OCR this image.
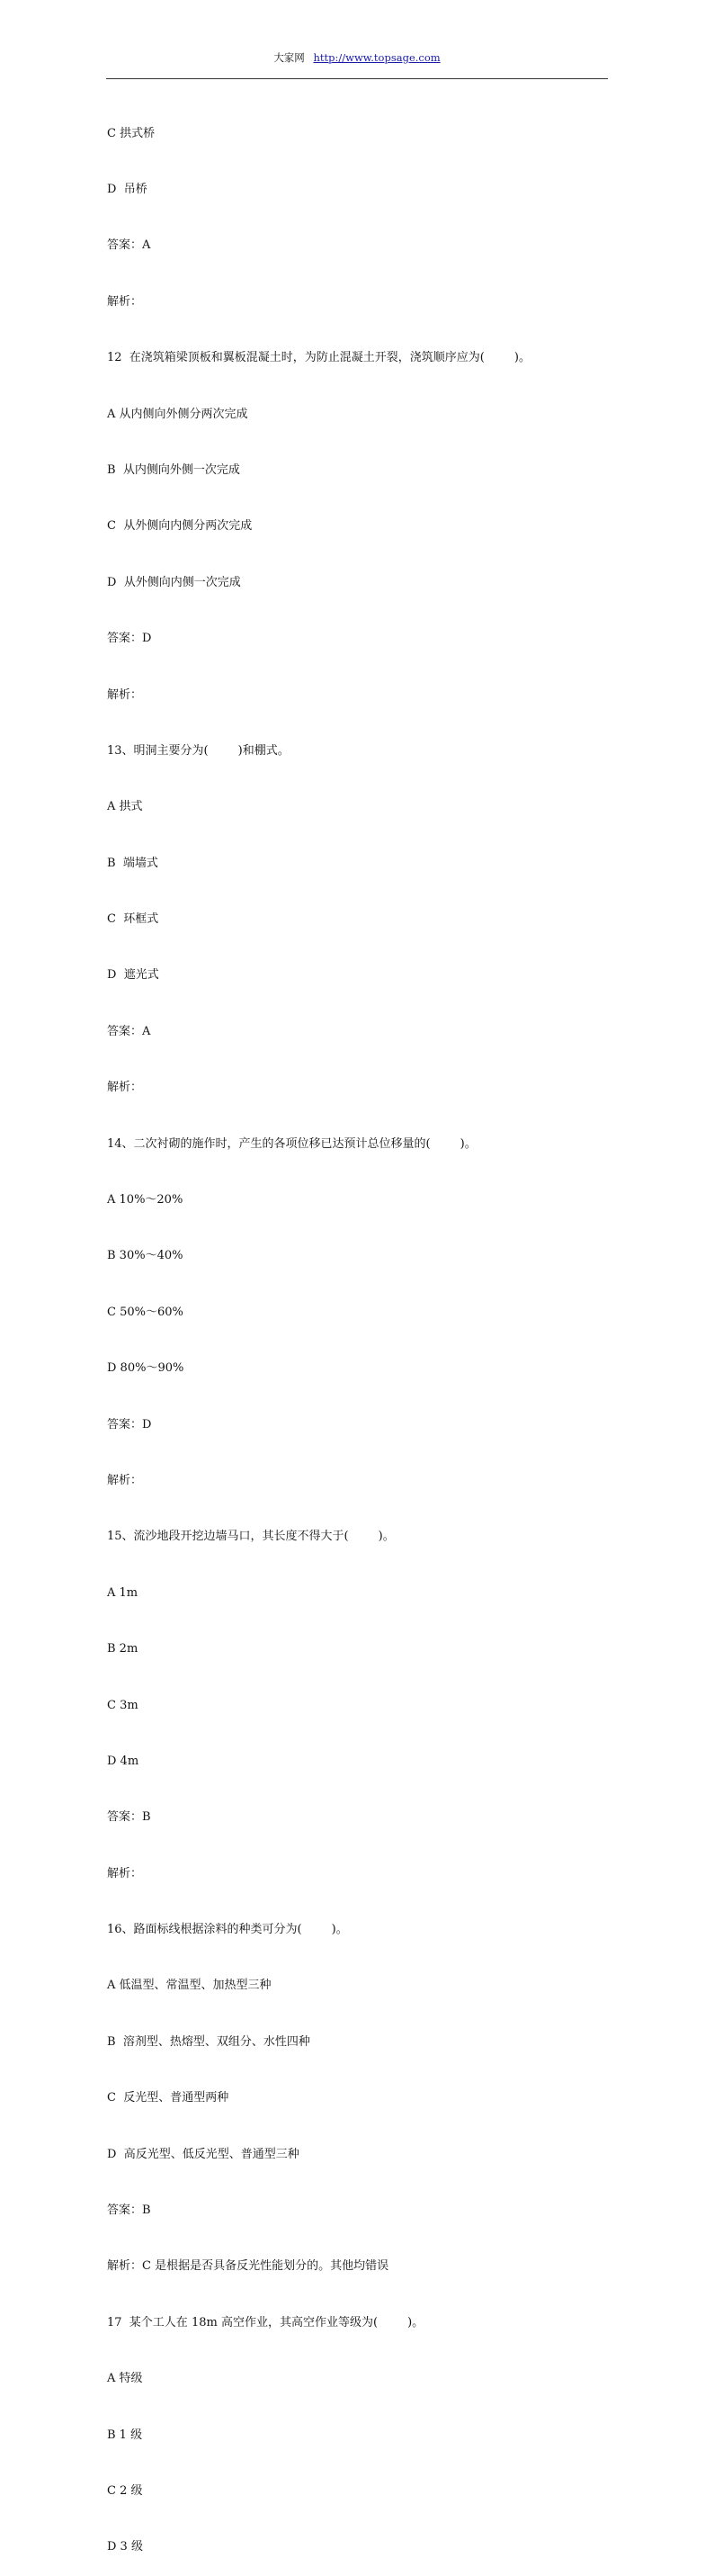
大家网 http://www.topsage.com

C 拱式桥

D  吊桥

答案：A

解析：

12  在浇筑箱梁顶板和翼板混凝土时，为防止混凝土开裂，浇筑顺序应为(        )。

A 从内侧向外侧分两次完成

B  从内侧向外侧一次完成

C  从外侧向内侧分两次完成

D  从外侧向内侧一次完成

答案：D

解析：

13、明洞主要分为(        )和棚式。

A 拱式

B  端墙式

C  环框式

D  遮光式

答案：A

解析：

14、二次衬砌的施作时，产生的各项位移已达预计总位移量的(        )。

A 10%～20%

B 30%～40%

C 50%～60%

D 80%～90%

答案：D

解析：

15、流沙地段开挖边墙马口，其长度不得大于(        )。

A 1m

B 2m

C 3m

D 4m

答案：B

解析：

16、路面标线根据涂料的种类可分为(        )。

A 低温型、常温型、加热型三种

B  溶剂型、热熔型、双组分、水性四种

C  反光型、普通型两种

D  高反光型、低反光型、普通型三种

答案：B

解析：C 是根据是否具备反光性能划分的。其他均错误

17  某个工人在 18m 高空作业，其高空作业等级为(        )。

A 特级

B 1 级

C 2 级

D 3 级
